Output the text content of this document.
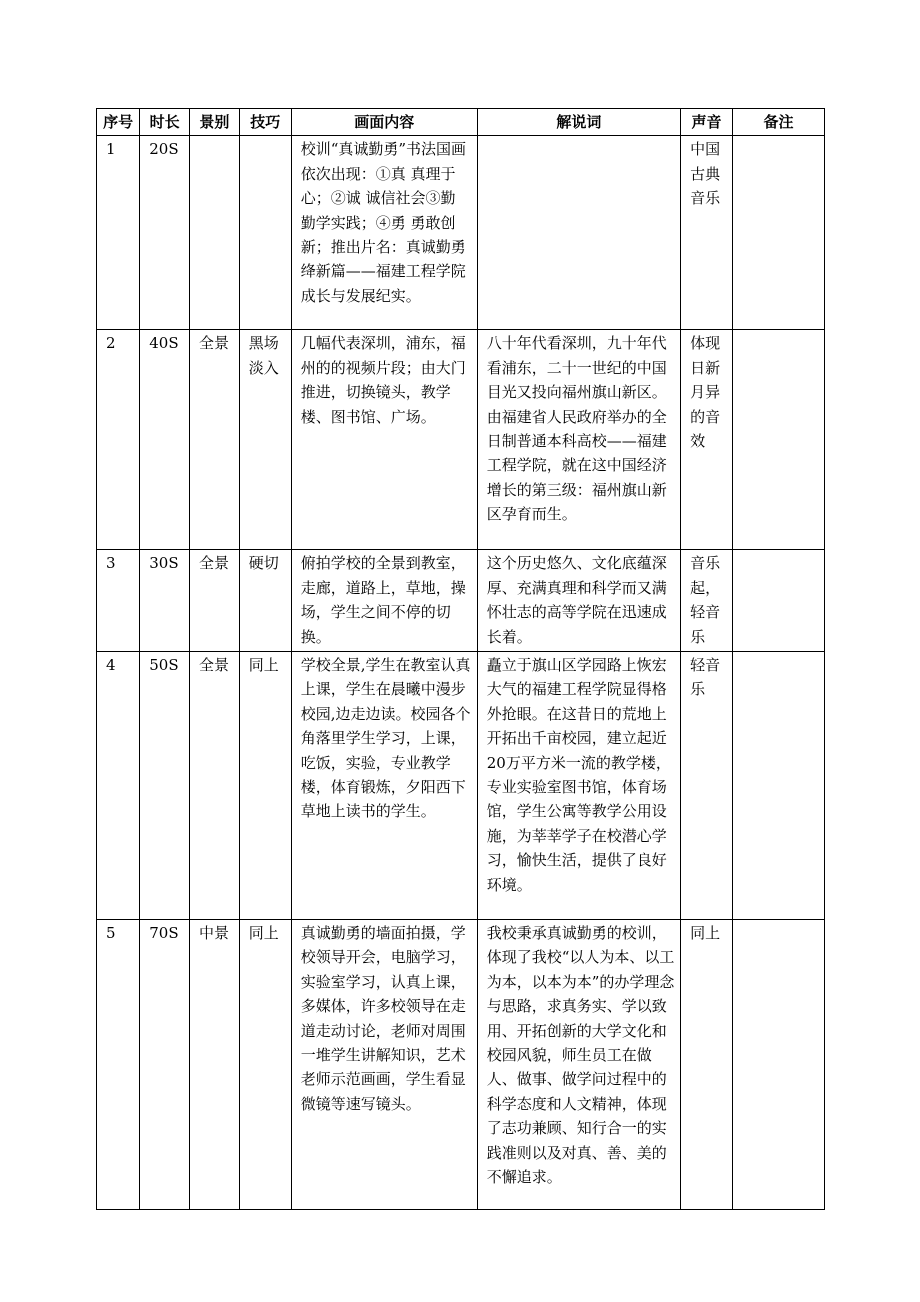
序号	时长	景别	技巧	画面内容	解说词	声音	备注
1	20S			校训“真诚勤勇”书法国画依次出现：①真 真理于心；②诚 诚信社会③勤 勤学实践；④勇 勇敢创新；推出片名：真诚勤勇绛新篇——福建工程学院成长与发展纪实。		中国古典音乐	
2	40S	全景	黑场淡入	几幅代表深圳，浦东，福州的的视频片段；由大门推进，切换镜头，教学楼、图书馆、广场。	八十年代看深圳，九十年代看浦东，二十一世纪的中国目光又投向福州旗山新区。由福建省人民政府举办的全日制普通本科高校——福建工程学院，就在这中国经济增长的第三级：福州旗山新区孕育而生。	体现日新月异的音效	
3	30S	全景	硬切	俯拍学校的全景到教室，走廊，道路上，草地，操场，学生之间不停的切换。	这个历史悠久、文化底蕴深厚、充满真理和科学而又满怀壮志的高等学院在迅速成长着。	音乐起，轻音乐	
4	50S	全景	同上	学校全景,学生在教室认真上课，学生在晨曦中漫步校园,边走边读。校园各个角落里学生学习，上课，吃饭，实验，专业教学楼，体育锻炼，夕阳西下草地上读书的学生。	矗立于旗山区学园路上恢宏大气的福建工程学院显得格外抢眼。在这昔日的荒地上开拓出千亩校园，建立起近20万平方米一流的教学楼，专业实验室图书馆，体育场馆，学生公寓等教学公用设施，为莘莘学子在校潜心学习，愉快生活，提供了良好环境。	轻音乐	
5	70S	中景	同上	真诚勤勇的墙面拍摄，学校领导开会，电脑学习，实验室学习，认真上课，多媒体，许多校领导在走道走动讨论，老师对周围一堆学生讲解知识，艺术老师示范画画，学生看显微镜等速写镜头。	我校秉承真诚勤勇的校训，体现了我校“以人为本、以工为本，以本为本”的办学理念与思路，求真务实、学以致用、开拓创新的大学文化和校园风貌，师生员工在做人、做事、做学问过程中的科学态度和人文精神，体现了志功兼顾、知行合一的实践准则以及对真、善、美的不懈追求。	同上	
